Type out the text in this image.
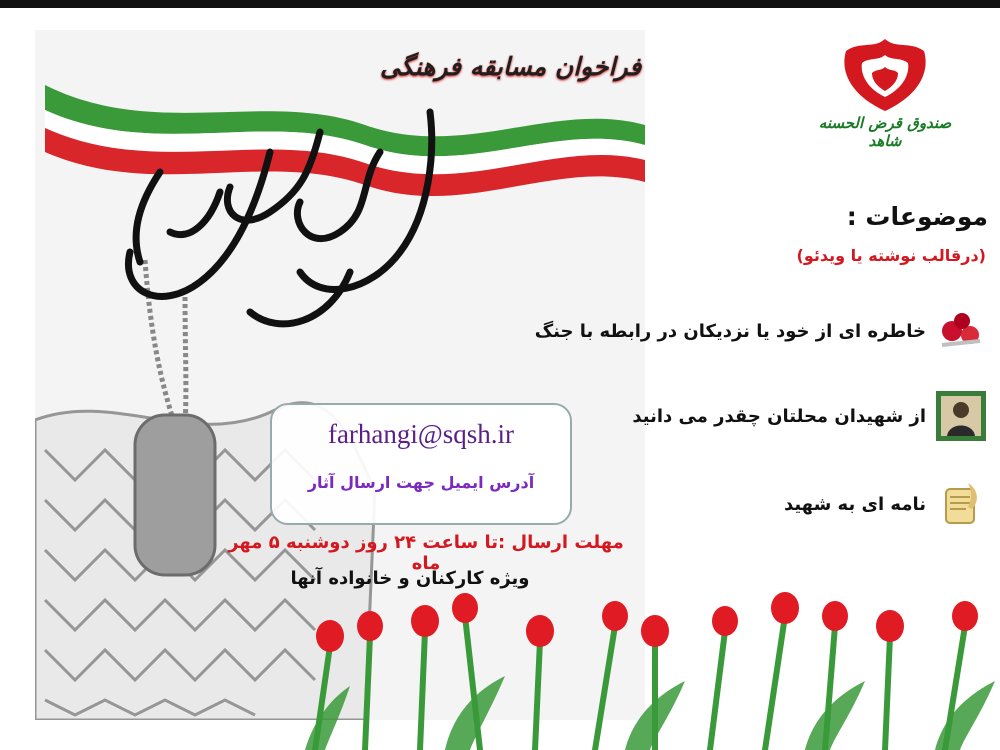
فراخوان مسابقه فرهنگی
صندوق قرض الحسنه شاهد
موضوعات :
(درقالب نوشته یا ویدئو)
خاطره ای از خود یا نزدیکان در رابطه با جنگ
از شهیدان محلتان چقدر می دانید
نامه ای به شهید
farhangi@sqsh.ir
آدرس ایمیل جهت ارسال آثار
مهلت ارسال :تا ساعت ۲۴ روز دوشنبه ۵ مهر ماه
ویژه کارکنان و خانواده آنها
